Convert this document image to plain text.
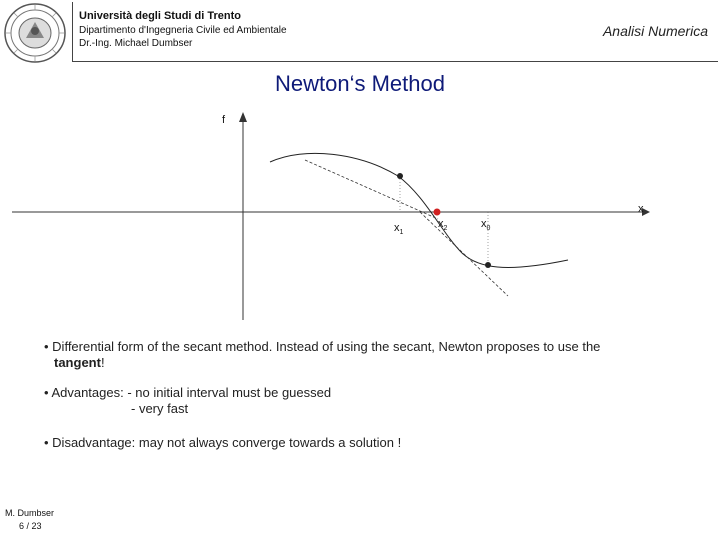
Università degli Studi di Trento
Dipartimento d'Ingegneria Civile ed Ambientale
Dr.-Ing. Michael Dumbser
Analisi Numerica
Newton‘s Method
f
x
$x_1$
$x_2$	$x_0$
• Differential form of the secant method. Instead of using the secant, Newton proposes to use the
tangent!
• Advantages: - no initial interval must be guessed
- very fast
• Disadvantage: may not always converge towards a solution !
M. Dumbser
6 / 23
